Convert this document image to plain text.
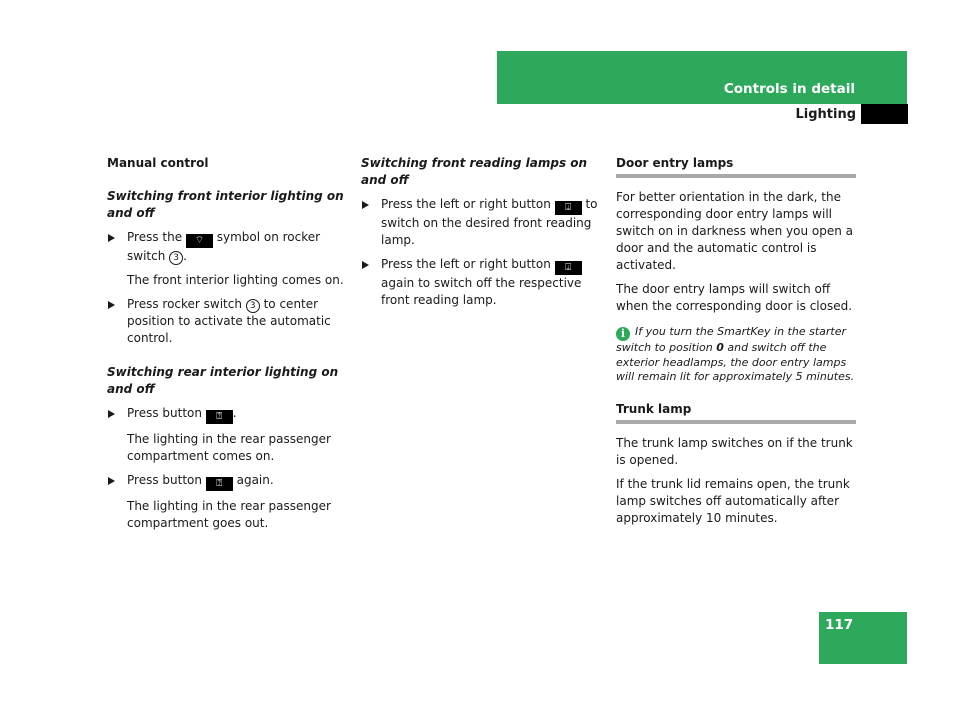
Controls in detail
Lighting
Manual control
Switching front interior lighting on and off
Press the ⌔ symbol on rocker switch 3 .
The front interior lighting comes on.
Press rocker switch 3 to center position to activate the automatic control.
Switching rear interior lighting on and off
Press button ⍰ .
The lighting in the rear passenger compartment comes on.
Press button ⍰ again.
The lighting in the rear passenger compartment goes out.
Switching front reading lamps on and off
Press the left or right button ⍗ to switch on the desired front reading lamp.
Press the left or right button ⍗ again to switch off the respective front reading lamp.
Door entry lamps

For better orientation in the dark, the corresponding door entry lamps will switch on in darkness when you open a door and the automatic control is activated.

The door entry lamps will switch off when the corresponding door is closed.

i If you turn the SmartKey in the starter switch to position 0 and switch off the exterior headlamps, the door entry lamps will remain lit for approximately 5 minutes.
Trunk lamp

The trunk lamp switches on if the trunk is opened.

If the trunk lid remains open, the trunk lamp switches off automatically after approximately 10 minutes.

117
